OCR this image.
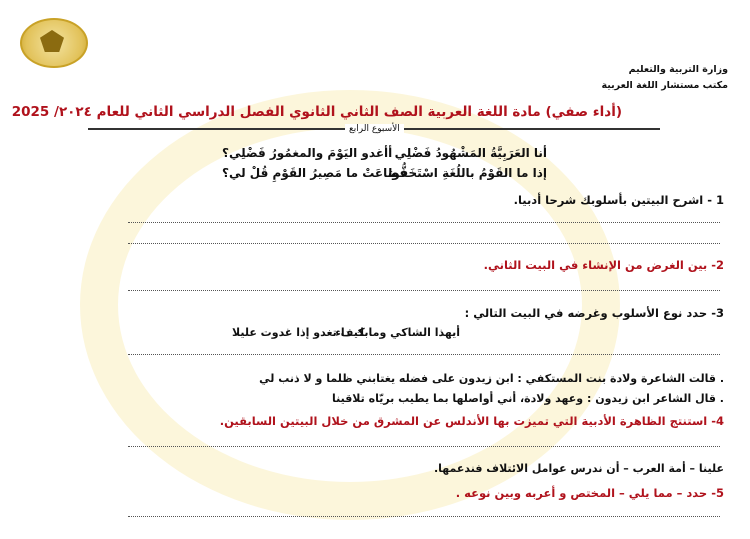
وزارة التربية والتعليم
مكتب مستشار اللغة العربية
(أداء صفي) مادة اللغة العربية الصف الثاني الثانوي الفصل الدراسي الثاني للعام ٢٠٢٤/ 2025
الأسبوع الرابع
أنا العَرَبِيَّةُ المَشْهُودُ فَضْلِي
أأغدو اليَوْمَ والمغمُورُ فَضْلِي؟
إذا ما القَوْمُ باللُغَةِ اسْتَخَفُّوا
فضاعَتْ ما مَصِيرُ القَوْمِ قُلْ لي؟
1 - اشرح البيتين بأسلوبك شرحا أدبيا.
2- بين الغرض من الإنشاء في البيت الثاني.
3- حدد نوع الأسلوب وغرضه في البيت التالي :
أيهذا الشاكي ومابك داء
كيف تغدو إذا غدوت عليلا
. قالت الشاعرة ولادة بنت المستكفي : ابن زيدون على فضله يغتابني ظلما و لا ذنب لي
. قال الشاعر ابن زيدون : وعهد ولادة، أني أواصلها بما يطيب بريّاه تلاقينا
4- استنتج الظاهرة الأدبية التي تميزت بها الأندلس عن المشرق من خلال البيتين السابقين.
علينا – أمة العرب – أن ندرس عوامل الائتلاف فندعمها.
5- حدد – مما يلي – المختص و أعربه وبين نوعه .
